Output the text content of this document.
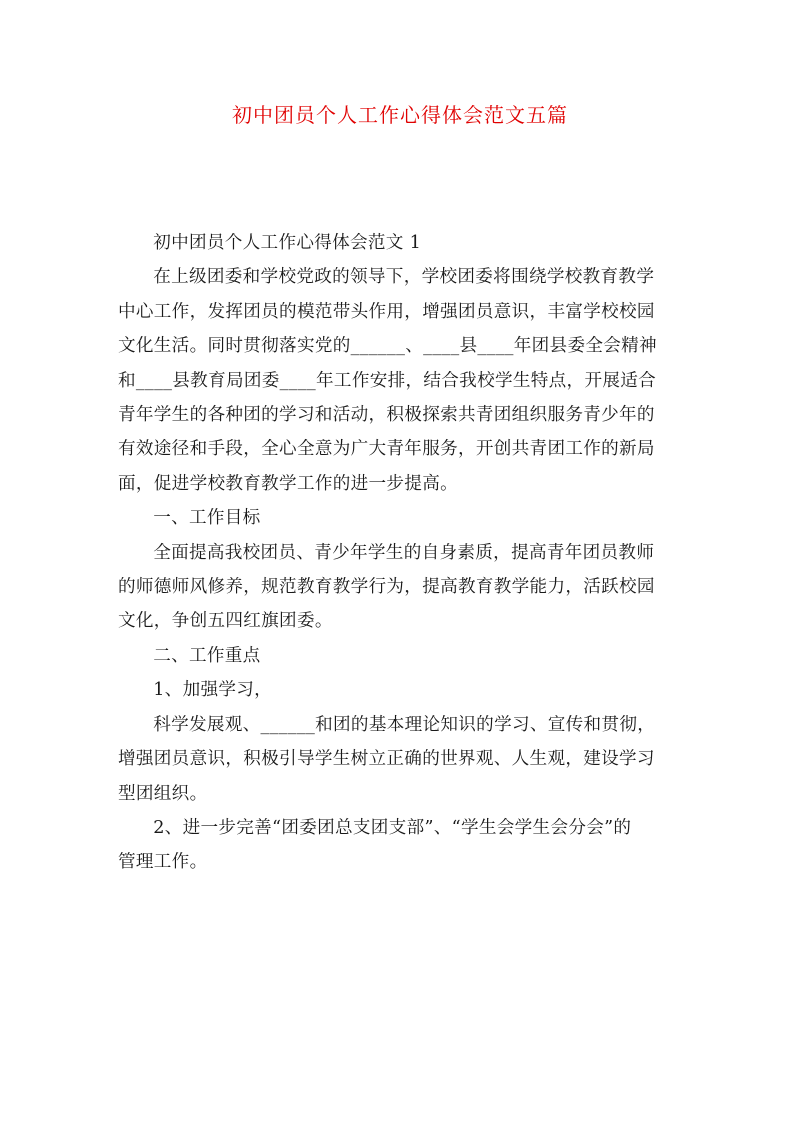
初中团员个人工作心得体会范文五篇
初中团员个人工作心得体会范文 1
在上级团委和学校党政的领导下，学校团委将围绕学校教育教学
中心工作，发挥团员的模范带头作用，增强团员意识，丰富学校校园
文化生活。同时贯彻落实党的______、____县____年团县委全会精神
和____县教育局团委____年工作安排，结合我校学生特点，开展适合
青年学生的各种团的学习和活动，积极探索共青团组织服务青少年的
有效途径和手段，全心全意为广大青年服务，开创共青团工作的新局
面，促进学校教育教学工作的进一步提高。
一、工作目标
全面提高我校团员、青少年学生的自身素质，提高青年团员教师
的师德师风修养，规范教育教学行为，提高教育教学能力，活跃校园
文化，争创五四红旗团委。
二、工作重点
1、加强学习，
科学发展观、______和团的基本理论知识的学习、宣传和贯彻，
增强团员意识，积极引导学生树立正确的世界观、人生观，建设学习
型团组织。
2、进一步完善“团委团总支团支部”、“学生会学生会分会”的
管理工作。
